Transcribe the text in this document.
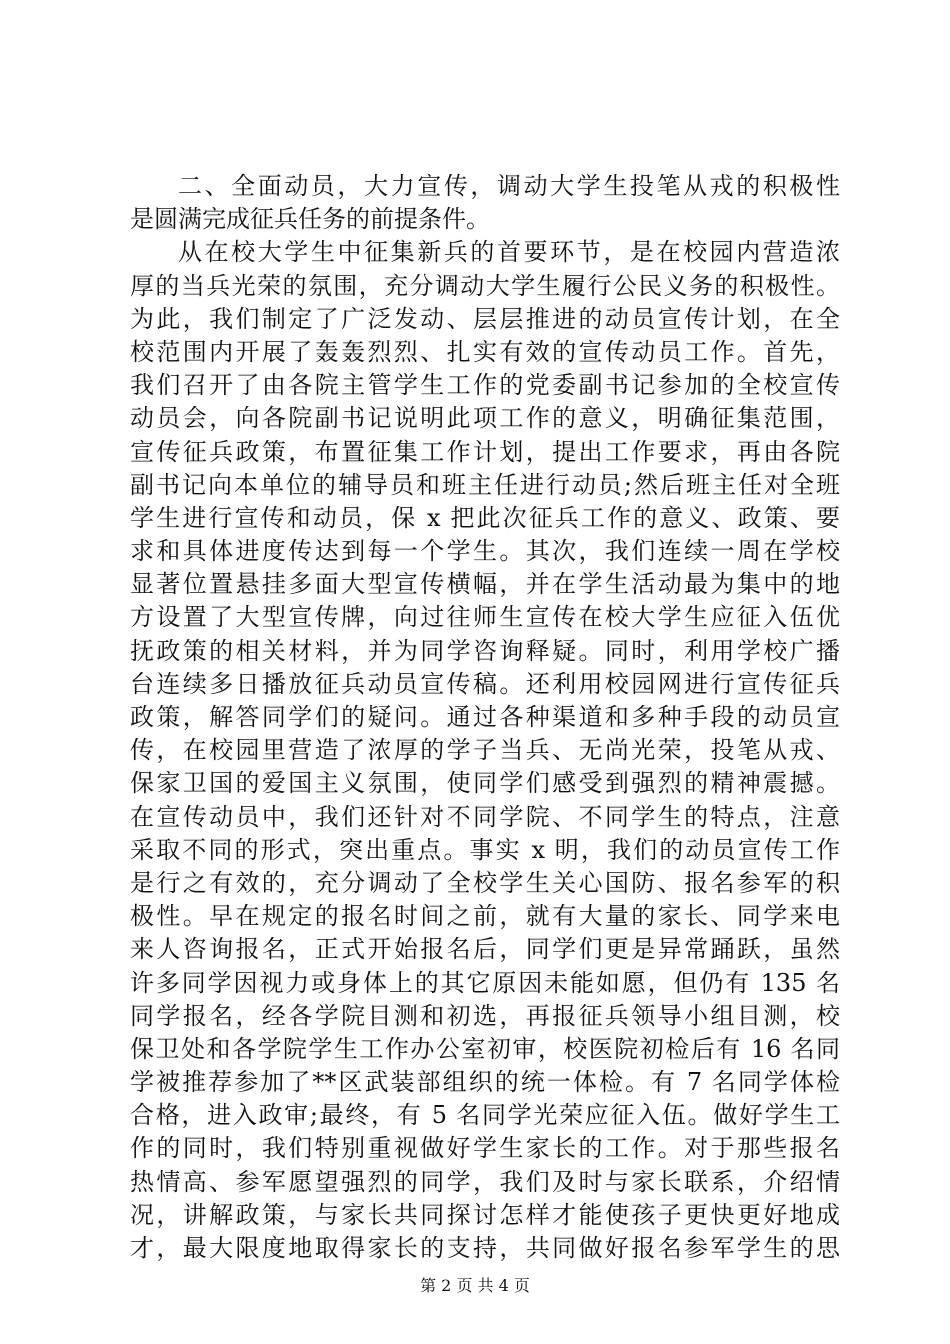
二、全面动员，大力宣传，调动大学生投笔从戎的积极性
是圆满完成征兵任务的前提条件。
从在校大学生中征集新兵的首要环节，是在校园内营造浓
厚的当兵光荣的氛围，充分调动大学生履行公民义务的积极性。
为此，我们制定了广泛发动、层层推进的动员宣传计划，在全
校范围内开展了轰轰烈烈、扎实有效的宣传动员工作。首先，
我们召开了由各院主管学生工作的党委副书记参加的全校宣传
动员会，向各院副书记说明此项工作的意义，明确征集范围，
宣传征兵政策，布置征集工作计划，提出工作要求，再由各院
副书记向本单位的辅导员和班主任进行动员;然后班主任对全班
学生进行宣传和动员，保 x 把此次征兵工作的意义、政策、要
求和具体进度传达到每一个学生。其次，我们连续一周在学校
显著位置悬挂多面大型宣传横幅，并在学生活动最为集中的地
方设置了大型宣传牌，向过往师生宣传在校大学生应征入伍优
抚政策的相关材料，并为同学咨询释疑。同时，利用学校广播
台连续多日播放征兵动员宣传稿。还利用校园网进行宣传征兵
政策，解答同学们的疑问。通过各种渠道和多种手段的动员宣
传，在校园里营造了浓厚的学子当兵、无尚光荣，投笔从戎、
保家卫国的爱国主义氛围，使同学们感受到强烈的精神震撼。
在宣传动员中，我们还针对不同学院、不同学生的特点，注意
采取不同的形式，突出重点。事实 x 明，我们的动员宣传工作
是行之有效的，充分调动了全校学生关心国防、报名参军的积
极性。早在规定的报名时间之前，就有大量的家长、同学来电
来人咨询报名，正式开始报名后，同学们更是异常踊跃，虽然
许多同学因视力或身体上的其它原因未能如愿，但仍有 135 名
同学报名，经各学院目测和初选，再报征兵领导小组目测，校
保卫处和各学院学生工作办公室初审，校医院初检后有 16 名同
学被推荐参加了**区武装部组织的统一体检。有 7 名同学体检
合格，进入政审;最终，有 5 名同学光荣应征入伍。做好学生工
作的同时，我们特别重视做好学生家长的工作。对于那些报名
热情高、参军愿望强烈的同学，我们及时与家长联系，介绍情
况，讲解政策，与家长共同探讨怎样才能使孩子更快更好地成
才，最大限度地取得家长的支持，共同做好报名参军学生的思
第 2 页 共 4 页
